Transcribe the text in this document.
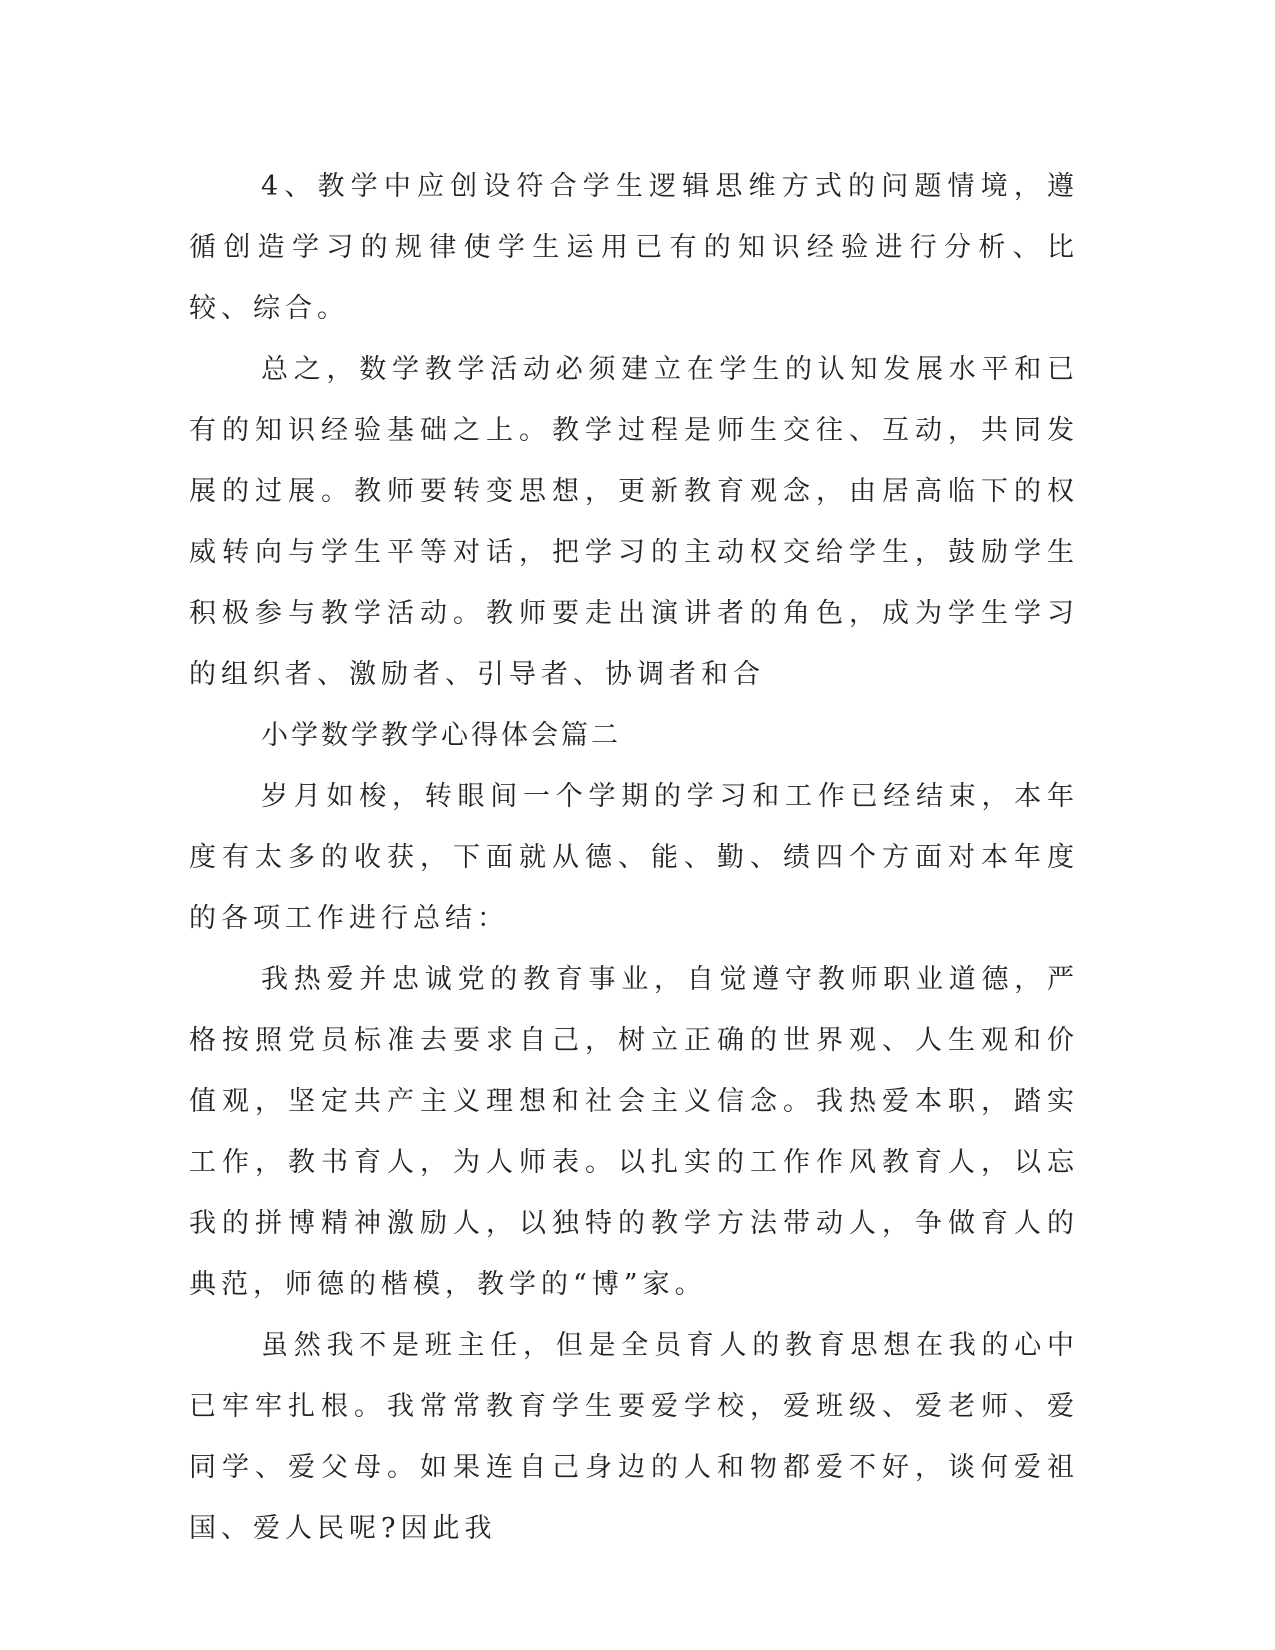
4、教学中应创设符合学生逻辑思维方式的问题情境，遵循创造学习的规律使学生运用已有的知识经验进行分析、比较、综合。

总之，数学教学活动必须建立在学生的认知发展水平和已有的知识经验基础之上。教学过程是师生交往、互动，共同发展的过展。教师要转变思想，更新教育观念，由居高临下的权威转向与学生平等对话，把学习的主动权交给学生，鼓励学生积极参与教学活动。教师要走出演讲者的角色，成为学生学习的组织者、激励者、引导者、协调者和合

小学数学教学心得体会篇二

岁月如梭，转眼间一个学期的学习和工作已经结束，本年度有太多的收获，下面就从德、能、勤、绩四个方面对本年度的各项工作进行总结：

我热爱并忠诚党的教育事业，自觉遵守教师职业道德，严格按照党员标准去要求自己，树立正确的世界观、人生观和价值观，坚定共产主义理想和社会主义信念。我热爱本职，踏实工作，教书育人，为人师表。以扎实的工作作风教育人，以忘我的拼博精神激励人，以独特的教学方法带动人，争做育人的典范，师德的楷模，教学的“博”家。

虽然我不是班主任，但是全员育人的教育思想在我的心中已牢牢扎根。我常常教育学生要爱学校，爱班级、爱老师、爱同学、爱父母。如果连自己身边的人和物都爱不好，谈何爱祖国、爱人民呢?因此我
